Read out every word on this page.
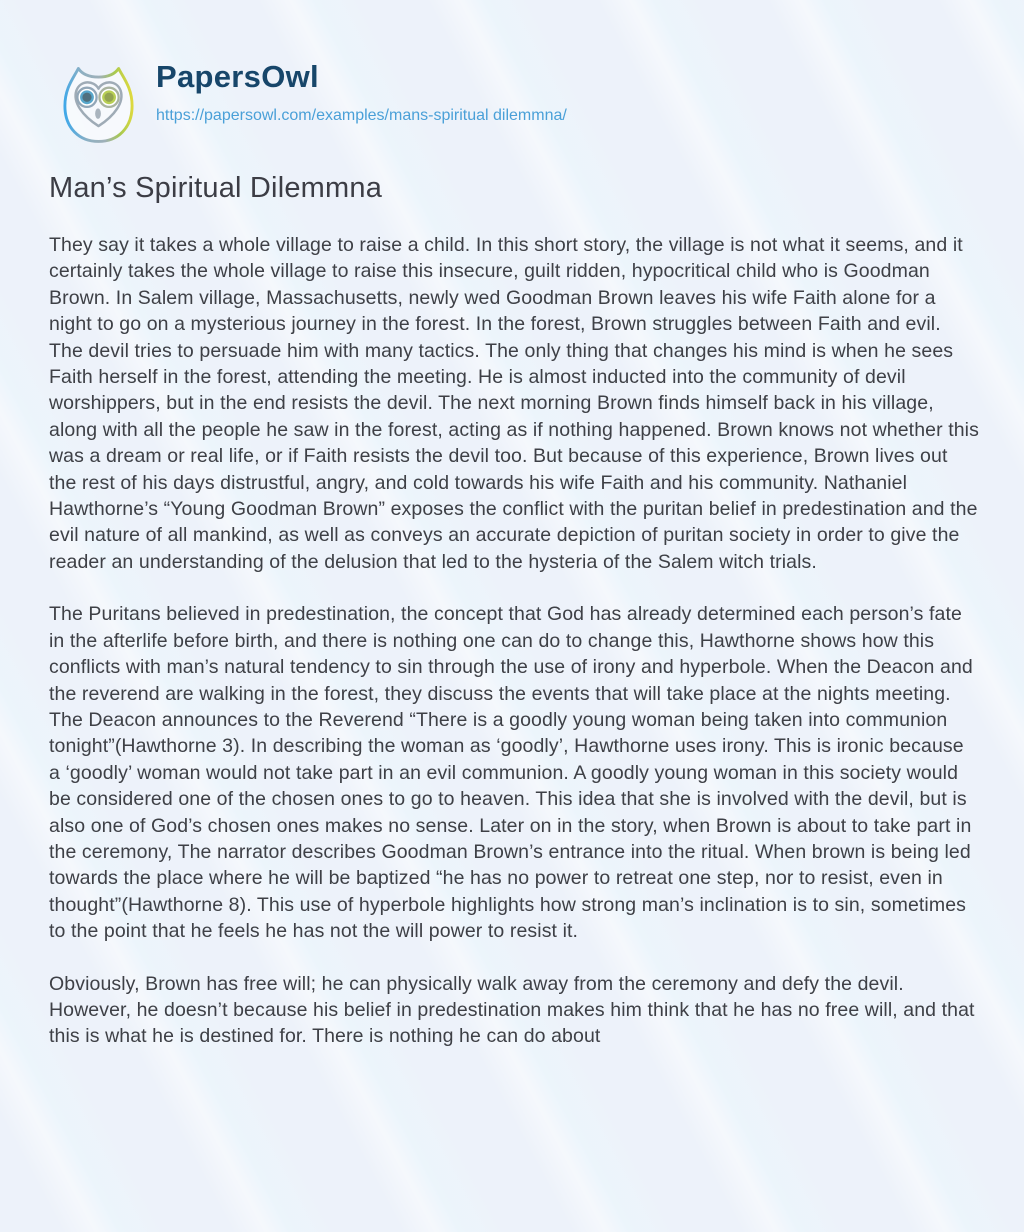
PapersOwl
https://papersowl.com/examples/mans-spiritual dilemmna/
Man’s Spiritual Dilemmna
They say it takes a whole village to raise a child. In this short story, the village is not what it seems, and it certainly takes the whole village to raise this insecure, guilt ridden, hypocritical child who is Goodman Brown. In Salem village, Massachusetts, newly wed Goodman Brown leaves his wife Faith alone for a night to go on a mysterious journey in the forest. In the forest, Brown struggles between Faith and evil. The devil tries to persuade him with many tactics. The only thing that changes his mind is when he sees Faith herself in the forest, attending the meeting. He is almost inducted into the community of devil worshippers, but in the end resists the devil. The next morning Brown finds himself back in his village, along with all the people he saw in the forest, acting as if nothing happened. Brown knows not whether this was a dream or real life, or if Faith resists the devil too. But because of this experience, Brown lives out the rest of his days distrustful, angry, and cold towards his wife Faith and his community. Nathaniel Hawthorne’s “Young Goodman Brown” exposes the conflict with the puritan belief in predestination and the evil nature of all mankind, as well as conveys an accurate depiction of puritan society in order to give the reader an understanding of the delusion that led to the hysteria of the Salem witch trials.
The Puritans believed in predestination, the concept that God has already determined each person’s fate in the afterlife before birth, and there is nothing one can do to change this, Hawthorne shows how this conflicts with man’s natural tendency to sin through the use of irony and hyperbole. When the Deacon and the reverend are walking in the forest, they discuss the events that will take place at the nights meeting. The Deacon announces to the Reverend “There is a goodly young woman being taken into communion tonight”(Hawthorne 3). In describing the woman as ‘goodly’, Hawthorne uses irony. This is ironic because a ‘goodly’ woman would not take part in an evil communion. A goodly young woman in this society would be considered one of the chosen ones to go to heaven. This idea that she is involved with the devil, but is also one of God’s chosen ones makes no sense. Later on in the story, when Brown is about to take part in the ceremony, The narrator describes Goodman Brown’s entrance into the ritual. When brown is being led towards the place where he will be baptized “he has no power to retreat one step, nor to resist, even in thought”(Hawthorne 8). This use of hyperbole highlights how strong man’s inclination is to sin, sometimes to the point that he feels he has not the will power to resist it.
Obviously, Brown has free will; he can physically walk away from the ceremony and defy the devil. However, he doesn’t because his belief in predestination makes him think that he has no free will, and that this is what he is destined for. There is nothing he can do about
